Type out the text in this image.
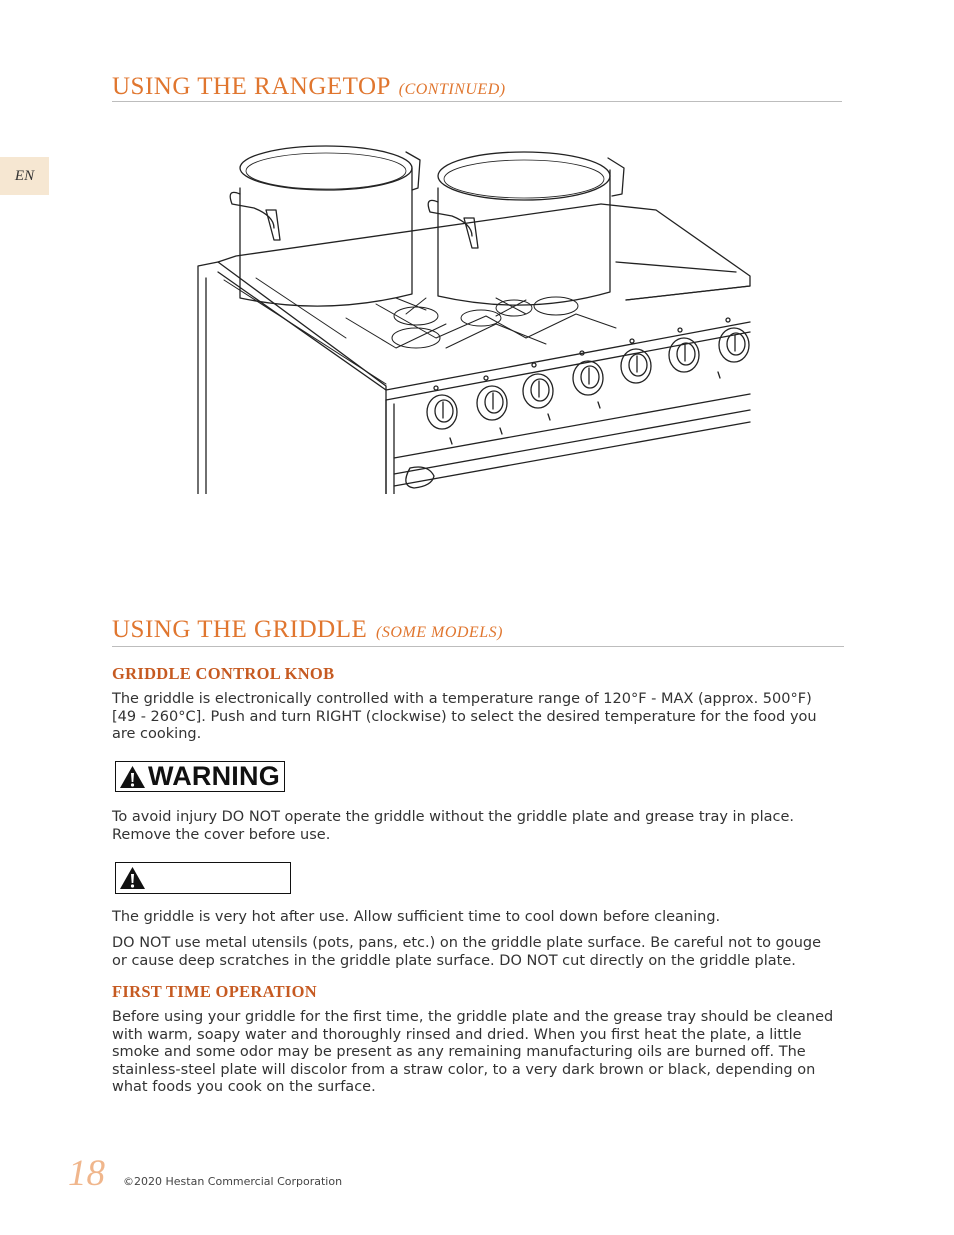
EN
USING THE RANGETOP (CONTINUED)
USING THE GRIDDLE (SOME MODELS)
GRIDDLE CONTROL KNOB

The griddle is electronically controlled with a temperature range of 120°F - MAX (approx. 500°F) [49 - 260°C]. Push and turn RIGHT (clockwise) to select the desired temperature for the food you are cooking.

WARNING

To avoid injury DO NOT operate the griddle without the griddle plate and grease tray in place. Remove the cover before use.

The griddle is very hot after use. Allow sufficient time to cool down before cleaning.

DO NOT use metal utensils (pots, pans, etc.) on the griddle plate surface. Be careful not to gouge or cause deep scratches in the griddle plate surface. DO NOT cut directly on the griddle plate.

FIRST TIME OPERATION

Before using your griddle for the first time, the griddle plate and the grease tray should be cleaned with warm, soapy water and thoroughly rinsed and dried. When you first heat the plate, a little smoke and some odor may be present as any remaining manufacturing oils are burned off. The stainless-steel plate will discolor from a straw color, to a very dark brown or black, depending on what foods you cook on the surface.

18 ©2020 Hestan Commercial Corporation
